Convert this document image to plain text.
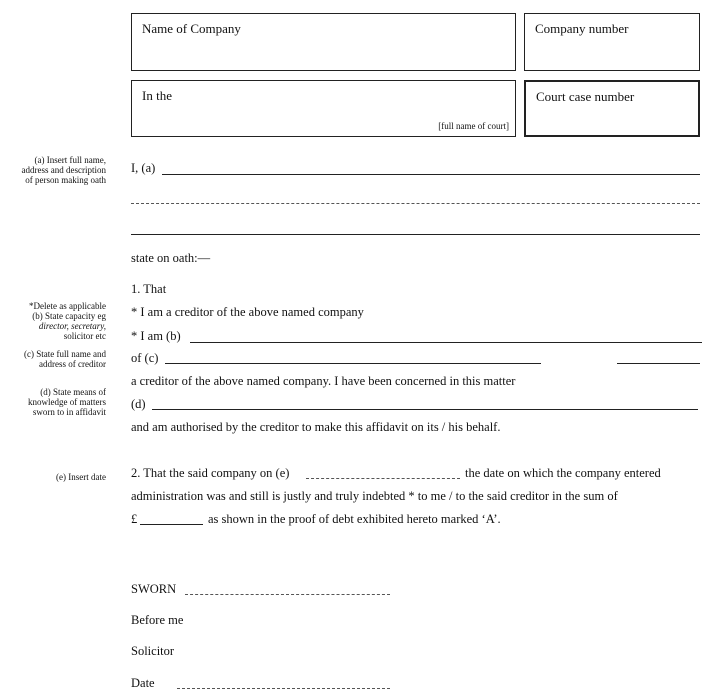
Name of Company	Company number
In the
[full name of court]
Court case number
(a) Insert full name,
address and description
of person making oath
*Delete as applicable
(b) State capacity eg
director, secretary,
solicitor etc
(c) State full name and
address of creditor
(d) State means of
knowledge of matters
sworn to in affidavit
(e) Insert date
I, (a)
state on oath:—
1. That
* I am a creditor of the above named company
* I am (b)
of (c)
a creditor of the above named company. I have been concerned in this matter
(d)
and am authorised by the creditor to make this affidavit on its / his behalf.
2. That the said company on (e)	the date on which the company entered
administration was and still is justly and truly indebted * to me / to the said creditor in the sum of
£	as shown in the proof of debt exhibited hereto marked ‘A’.
SWORN
Before me
Solicitor
Date
